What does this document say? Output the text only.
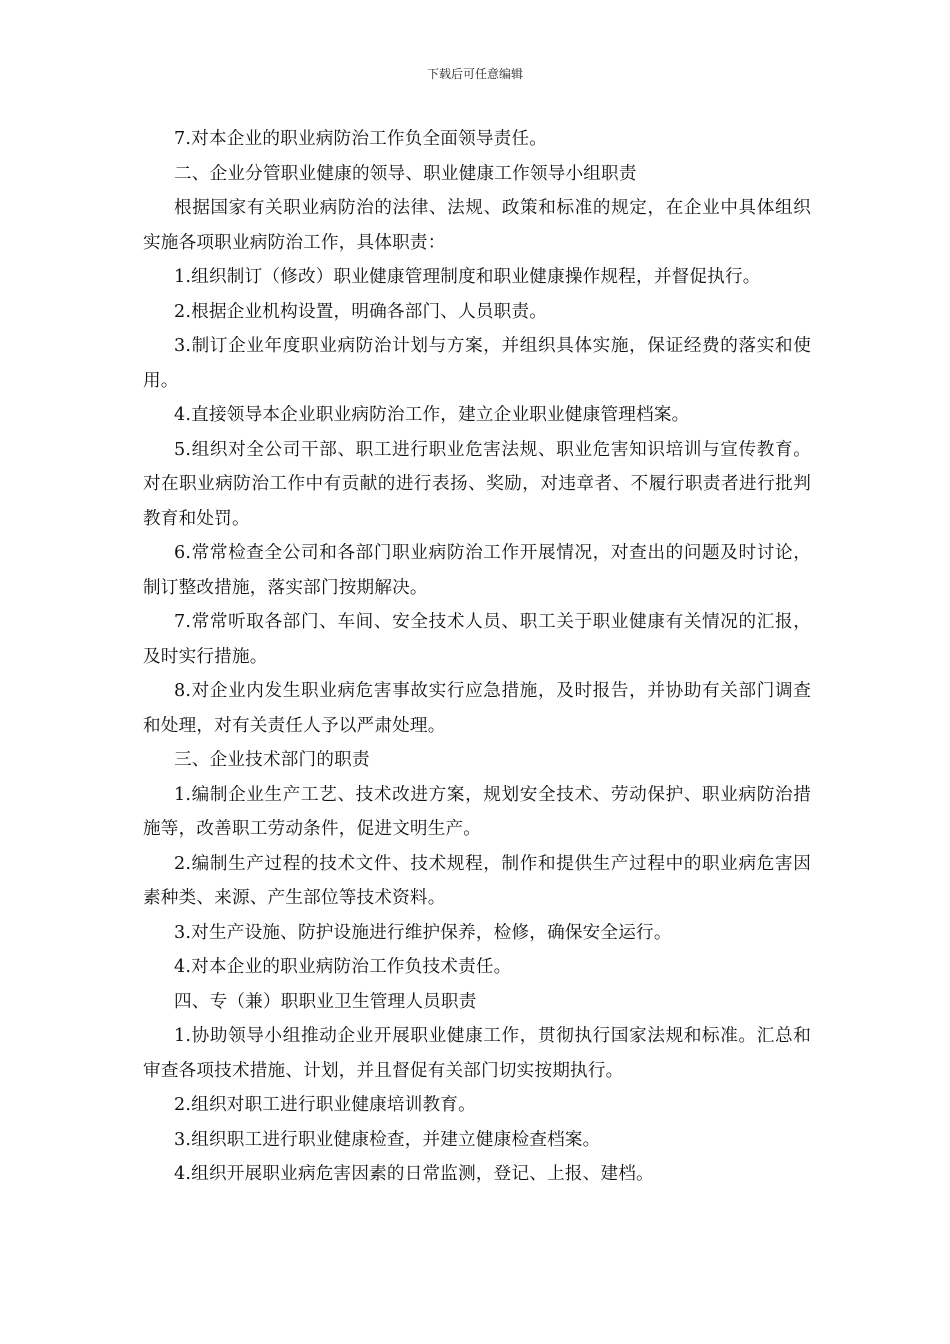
下载后可任意编辑

7.对本企业的职业病防治工作负全面领导责任。

二、企业分管职业健康的领导、职业健康工作领导小组职责

根据国家有关职业病防治的法律、法规、政策和标准的规定，在企业中具体组织实施各项职业病防治工作，具体职责：

1.组织制订（修改）职业健康管理制度和职业健康操作规程，并督促执行。

2.根据企业机构设置，明确各部门、人员职责。

3.制订企业年度职业病防治计划与方案，并组织具体实施，保证经费的落实和使用。

4.直接领导本企业职业病防治工作，建立企业职业健康管理档案。

5.组织对全公司干部、职工进行职业危害法规、职业危害知识培训与宣传教育。对在职业病防治工作中有贡献的进行表扬、奖励，对违章者、不履行职责者进行批判教育和处罚。

6.常常检查全公司和各部门职业病防治工作开展情况，对查出的问题及时讨论，制订整改措施，落实部门按期解决。

7.常常听取各部门、车间、安全技术人员、职工关于职业健康有关情况的汇报，及时实行措施。

8.对企业内发生职业病危害事故实行应急措施，及时报告，并协助有关部门调查和处理，对有关责任人予以严肃处理。

三、企业技术部门的职责

1.编制企业生产工艺、技术改进方案，规划安全技术、劳动保护、职业病防治措施等，改善职工劳动条件，促进文明生产。

2.编制生产过程的技术文件、技术规程，制作和提供生产过程中的职业病危害因素种类、来源、产生部位等技术资料。

3.对生产设施、防护设施进行维护保养，检修，确保安全运行。

4.对本企业的职业病防治工作负技术责任。

四、专（兼）职职业卫生管理人员职责

1.协助领导小组推动企业开展职业健康工作，贯彻执行国家法规和标准。汇总和审查各项技术措施、计划，并且督促有关部门切实按期执行。

2.组织对职工进行职业健康培训教育。

3.组织职工进行职业健康检查，并建立健康检查档案。

4.组织开展职业病危害因素的日常监测，登记、上报、建档。
